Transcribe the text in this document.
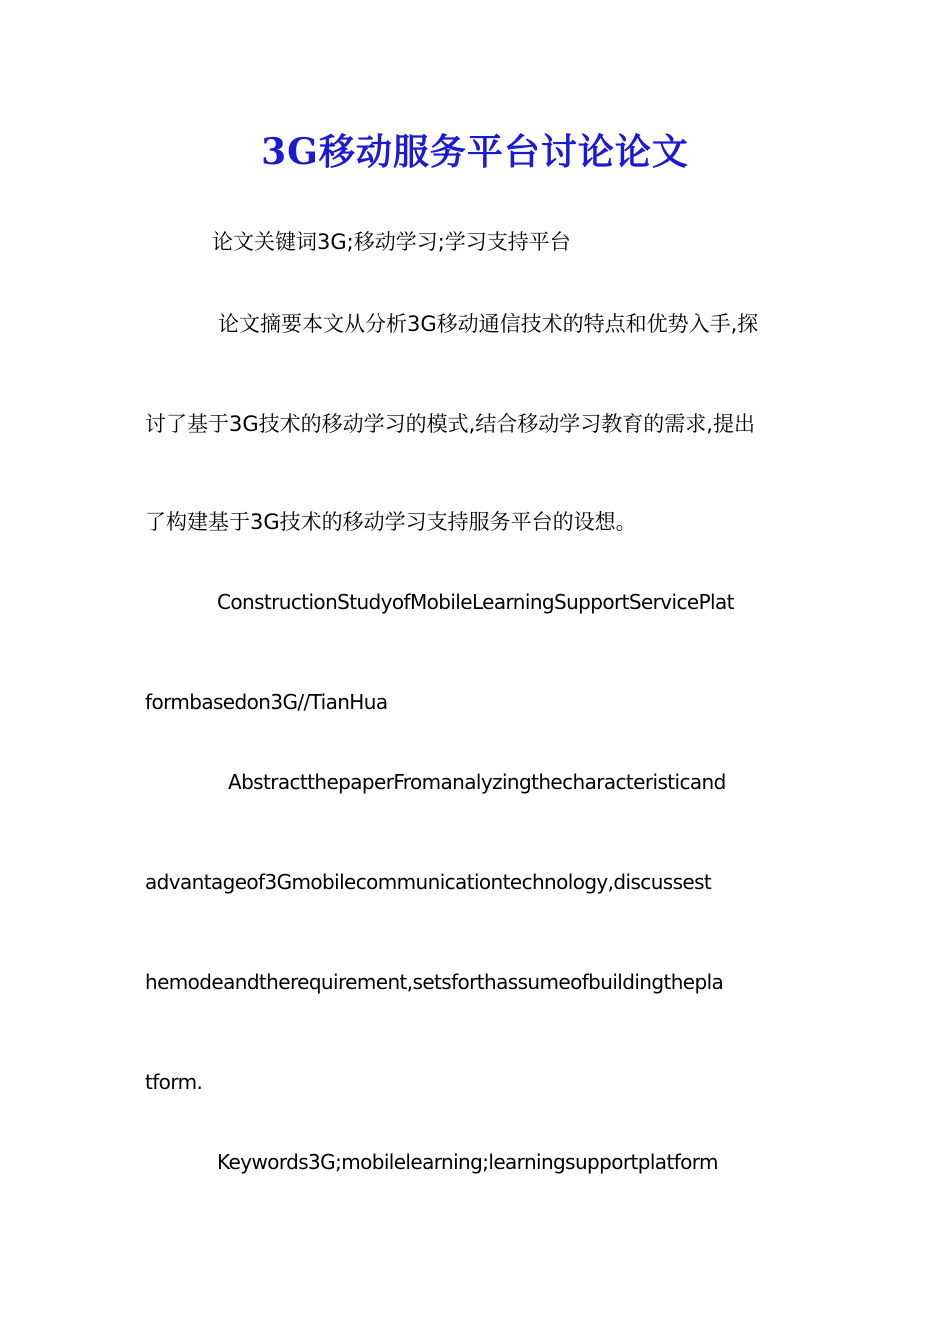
3G移动服务平台讨论论文
论文关键词3G;移动学习;学习支持平台
论文摘要本文从分析3G移动通信技术的特点和优势入手,探
讨了基于3G技术的移动学习的模式,结合移动学习教育的需求,提出
了构建基于3G技术的移动学习支持服务平台的设想。
ConstructionStudyofMobileLearningSupportServicePlat
formbasedon3G//TianHua
AbstractthepaperFromanalyzingthecharacteristicand
advantageof3Gmobilecommunicationtechnology,discussest
hemodeandtherequirement,setsforthassumeofbuildingthepla
tform.
Keywords3G;mobilelearning;learningsupportplatform
